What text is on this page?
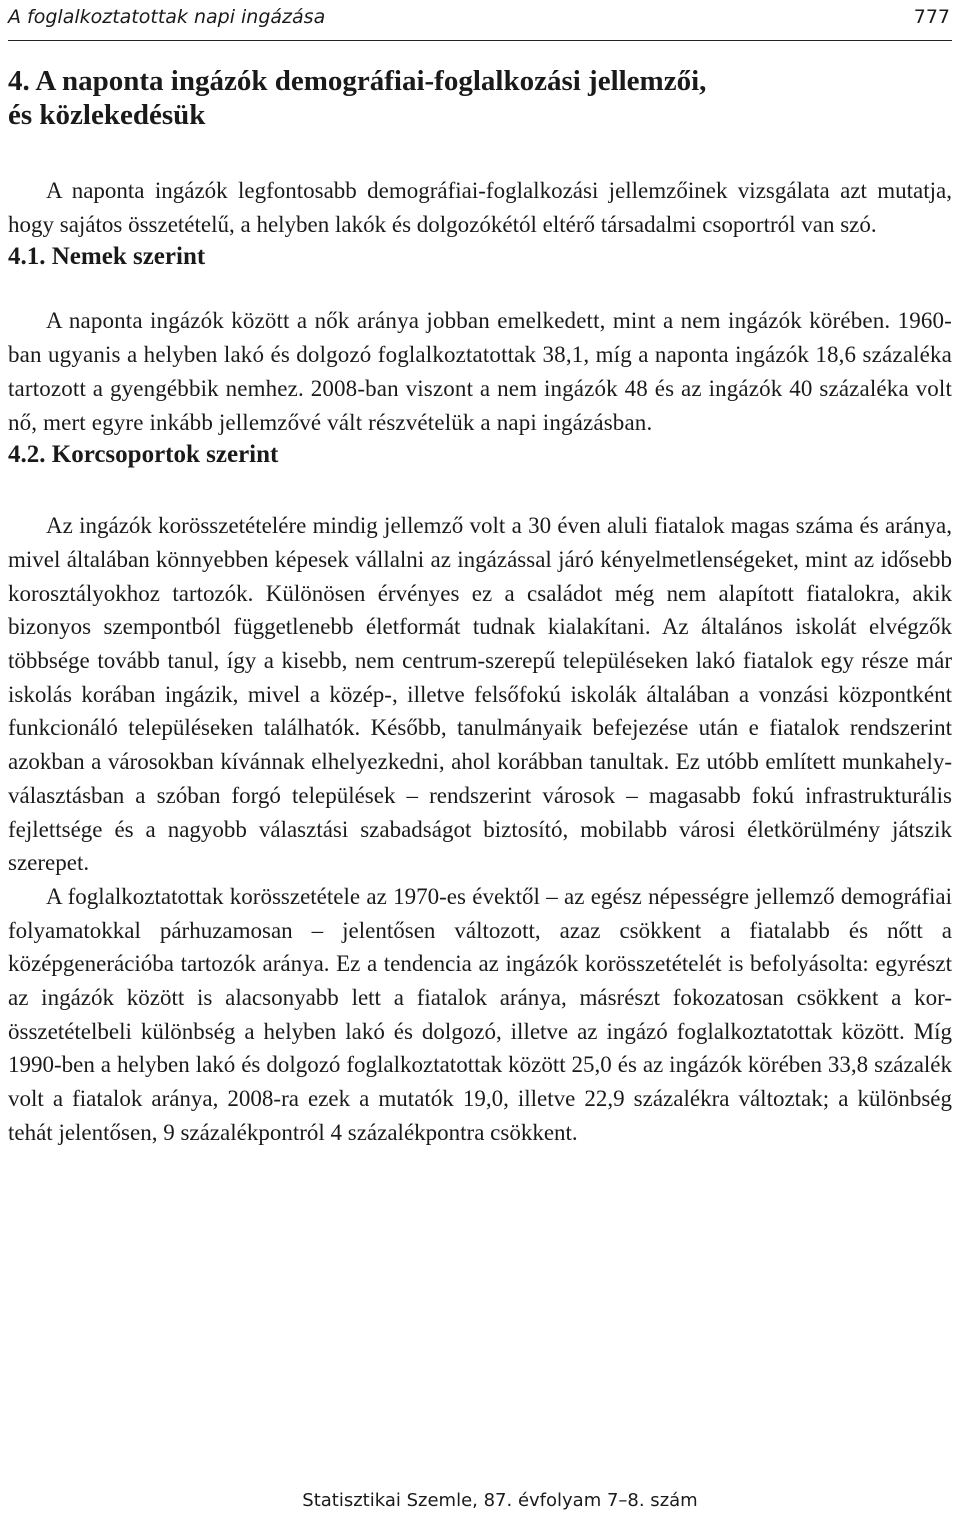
A foglalkoztatottak napi ingázása	777
4. A naponta ingázók demográfiai-foglalkozási jellemzői,
és közlekedésük

A naponta ingázók legfontosabb demográfiai-foglalkozási jellemzőinek vizsgálata azt mutatja, hogy sajátos összetételű, a helyben lakók és dolgozókétól eltérő társadalmi csoportról van szó.

4.1. Nemek szerint

A naponta ingázók között a nők aránya jobban emelkedett, mint a nem ingázók körében. 1960-ban ugyanis a helyben lakó és dolgozó foglalkoztatottak 38,1, míg a naponta ingázók 18,6 százaléka tartozott a gyengébbik nemhez. 2008-ban viszont a nem ingázók 48 és az ingázók 40 százaléka volt nő, mert egyre inkább jellemzővé vált részvételük a napi ingázásban.

4.2. Korcsoportok szerint

Az ingázók korösszetételére mindig jellemző volt a 30 éven aluli fiatalok magas száma és aránya, mivel általában könnyebben képesek vállalni az ingázással járó kényelmetlenségeket, mint az idősebb korosztályokhoz tartozók. Különösen érvényes ez a családot még nem alapított fiatalokra, akik bizonyos szempontból függetlenebb életformát tudnak kialakítani. Az általános iskolát elvégzők többsége tovább tanul, így a kisebb, nem centrum-szerepű településeken lakó fiatalok egy része már iskolás korában ingázik, mivel a közép-, illetve felsőfokú iskolák általában a vonzási központként funkcionáló településeken találhatók. Később, tanulmányaik befejezése után e fiatalok rendszerint azokban a városokban kívánnak elhelyezkedni, ahol korábban tanultak. Ez utóbb említett munkahely-választásban a szóban forgó települések – rendszerint városok – magasabb fokú infrastrukturális fejlettsége és a nagyobb választási szabadságot biztosító, mobilabb városi életkörülmény játszik szerepet.

A foglalkoztatottak korösszetétele az 1970-es évektől – az egész népességre jellemző demográfiai folyamatokkal párhuzamosan – jelentősen változott, azaz csökkent a fiatalabb és nőtt a középgenerációba tartozók aránya. Ez a tendencia az ingázók korösszetételét is befolyásolta: egyrészt az ingázók között is alacsonyabb lett a fiatalok aránya, másrészt fokozatosan csökkent a kor-összetételbeli különbség a helyben lakó és dolgozó, illetve az ingázó foglalkoztatottak között. Míg 1990-ben a helyben lakó és dolgozó foglalkoztatottak között 25,0 és az ingázók körében 33,8 százalék volt a fiatalok aránya, 2008-ra ezek a mutatók 19,0, illetve 22,9 százalékra változtak; a különbség tehát jelentősen, 9 százalékpontról 4 százalékpontra csökkent.

Statisztikai Szemle, 87. évfolyam 7–8. szám
